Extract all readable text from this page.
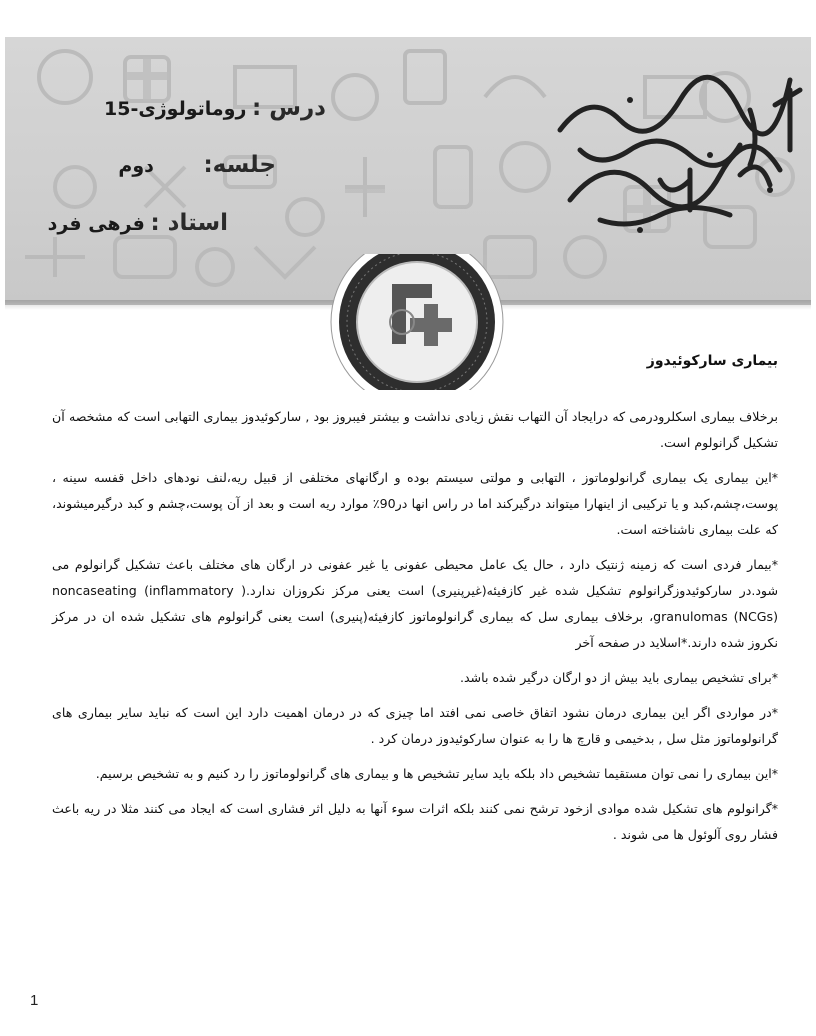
درس : روماتولوژی-15
جلسه: دوم
استاد : فرهی فرد

بیماری سارکوئیدوز

برخلاف بیماری اسکلرودرمی که درایجاد آن التهاب نقش زیادی نداشت و بیشتر فیبروز بود , سارکوئیدوز بیماری التهابی است که مشخصه آن تشکیل گرانولوم است.

*این بیماری یک بیماری گرانولوماتوز ، التهابی و مولتی سیستم بوده و ارگانهای مختلفی از قبیل ریه،لنف نودهای داخل قفسه سینه ، پوست،چشم،کبد و یا ترکیبی از اینهارا میتواند درگیرکند اما در راس انها در90٪ موارد ریه است و بعد از آن پوست،چشم و کبد درگیرمیشوند، که علت بیماری ناشناخته است.

*بیمار فردی است که زمینه ژنتیک دارد ، حال یک عامل محیطی عفونی یا غیر عفونی در ارگان های مختلف باعث تشکیل گرانولوم می شود.در سارکوئیدوزگرانولوم تشکیل شده غیر کازفیئه(غیرپنیری) است یعنی مرکز نکروزان ندارد.( noncaseating (inflammatory granulomas (NCGs)، برخلاف بیماری سل که بیماری گرانولوماتوز کازفیئه(پنیری) است یعنی گرانولوم های تشکیل شده ان در مرکز نکروز شده دارند.*اسلاید در صفحه آخر

*برای تشخیص بیماری باید بیش از دو ارگان درگیر شده باشد.

*در مواردی اگر این بیماری درمان نشود اتفاق خاصی نمی افتد اما چیزی که در درمان اهمیت دارد این است که نباید سایر بیماری های گرانولوماتوز مثل سل , بدخیمی و قارچ ها را به عنوان سارکوئیدوز درمان کرد .

*این بیماری را نمی توان مستقیما تشخیص داد بلکه باید سایر تشخیص ها و بیماری های گرانولوماتوز را رد کنیم و به تشخیص برسیم.

*گرانولوم های تشکیل شده موادی ازخود ترشح نمی کنند بلکه اثرات سوء آنها به دلیل اثر فشاری است که ایجاد می کنند مثلا در ریه باعث فشار روی آلوئول ها می شوند .

1
